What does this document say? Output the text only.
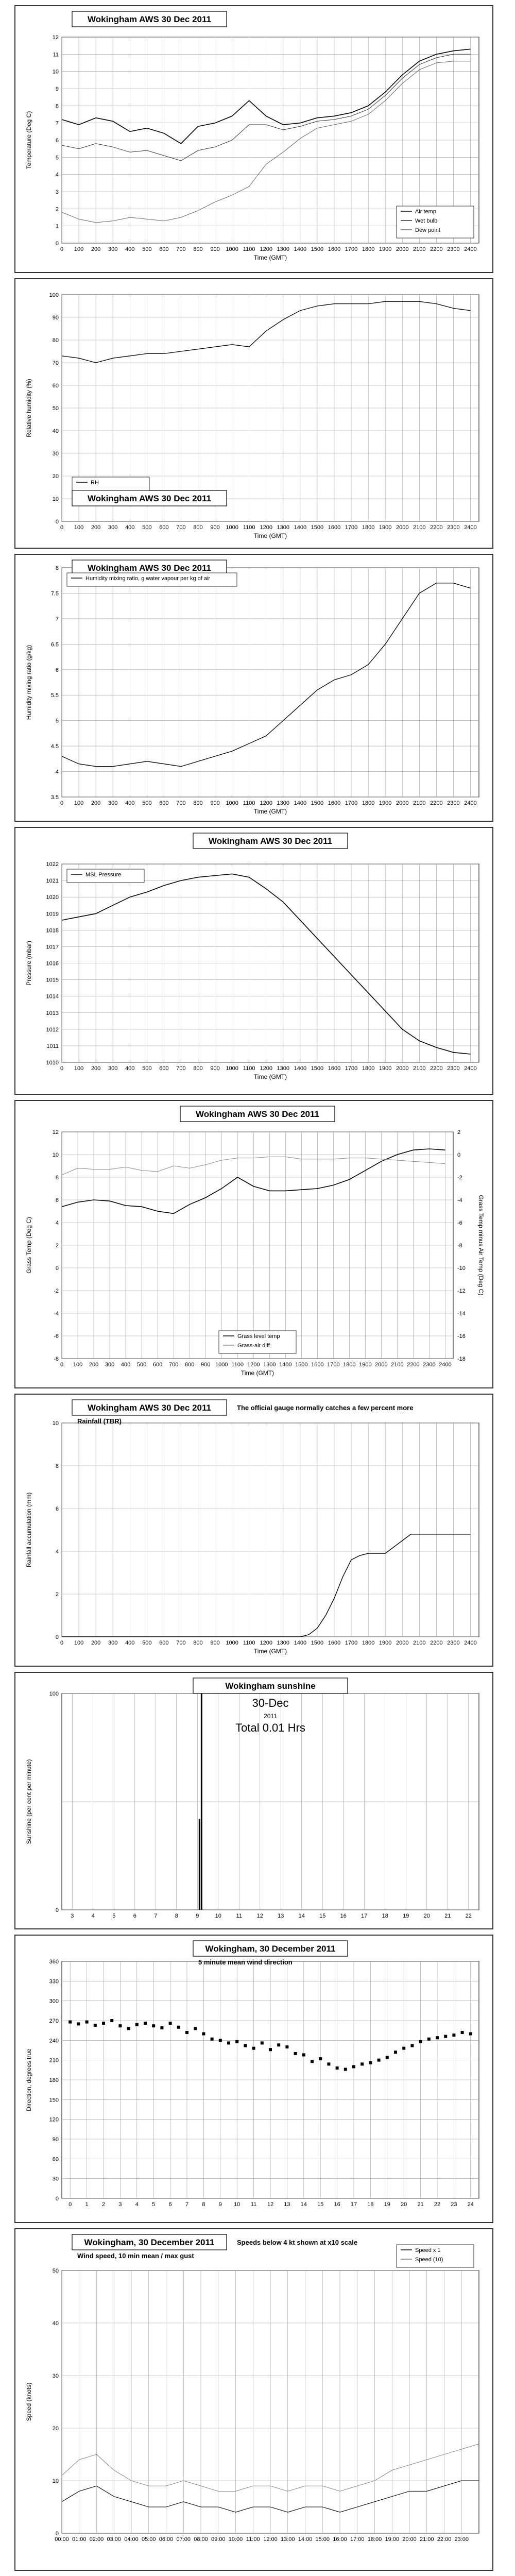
0 100 200 300 400 500 600 700 800 900 1000 1100 1200 1300 1400 1500 1600 1700 1800 1900 2000 2100 2200 2300 2400
0
1
2
3
4
5
6
7
8
9
10
11
12
Time (GMT)
Temperature (Deg C)
Wokingham AWS 30 Dec 2011
Air temp
Wet bulb
Dew point
0 100 200 300 400 500 600 700 800 900 1000 1100 1200 1300 1400 1500 1600 1700 1800 1900 2000 2100 2200 2300 2400
0
10
20
30
40
50
60
70
80
90
100
Time (GMT)
Relative humidity (%)
Wokingham AWS 30 Dec 2011
RH
0 100 200 300 400 500 600 700 800 900 1000 1100 1200 1300 1400 1500 1600 1700 1800 1900 2000 2100 2200 2300 2400
3.5
4
4.5
5
5.5
6
6.5
7
7.5
8
Time (GMT)
Humidity mixing ratio (g/kg)
Wokingham AWS 30 Dec 2011
Humidity mixing ratio, g water vapour per kg of air
0 100 200 300 400 500 600 700 800 900 1000 1100 1200 1300 1400 1500 1600 1700 1800 1900 2000 2100 2200 2300 2400
1010
1011
1012
1013
1014
1015
1016
1017
1018
1019
1020
1021
1022
Time (GMT)
Pressure (mbar)
Wokingham AWS 30 Dec 2011
MSL Pressure
0 100 200 300 400 500 600 700 800 900 1000 1100 1200 1300 1400 1500 1600 1700 1800 1900 2000 2100 2200 2300 2400
-8
-6
-4
-2
0
2
4
6
8
10
12
-18
-16
-14
-12
-10
-8
-6
-4
-2
0
2
Time (GMT)
Grass Temp (Deg C)	Grass Temp minus Air Temp (Deg C)
Wokingham AWS 30 Dec 2011
Grass level temp
Grass-air diff
0 100 200 300 400 500 600 700 800 900 1000 1100 1200 1300 1400 1500 1600 1700 1800 1900 2000 2100 2200 2300 2400
0
2
4
6
8
10
Time (GMT)
Rainfall accumulation (mm)
Wokingham AWS 30 Dec 2011
Rainfall (TBR)
The official gauge normally catches a few percent more
3	4	5	6	7	8	9	10	11	12	13	14	15	16	17	18	19	20	21	22
0
100
Sunshine (per cent per minute)
Wokingham sunshine
30-Dec
2011
Total 0.01 Hrs
0 1 2 3 4 5 6 7 8 9 10 11 12 13 14 15 16 17 18 19 20 21 22 23 24
0
30
60
90
120
150
180
210
240
270
300
330
360
Direction, degrees true
Wokingham, 30 December 2011
5 minute mean wind direction
00:00 01:00 02:00 03:00 04:00 05:00 06:00 07:00 08:00 09:00 10:00 11:00 12:00 13:00 14:00 15:00 16:00 17:00 18:00 19:00 20:00 21:00 22:00 23:00
0
10
20
30
40
50
Speed (knots)
Wokingham, 30 December 2011
Wind speed, 10 min mean / max gust
Speeds below 4 kt shown at x10 scale
Speed x 1
Speed (10)
